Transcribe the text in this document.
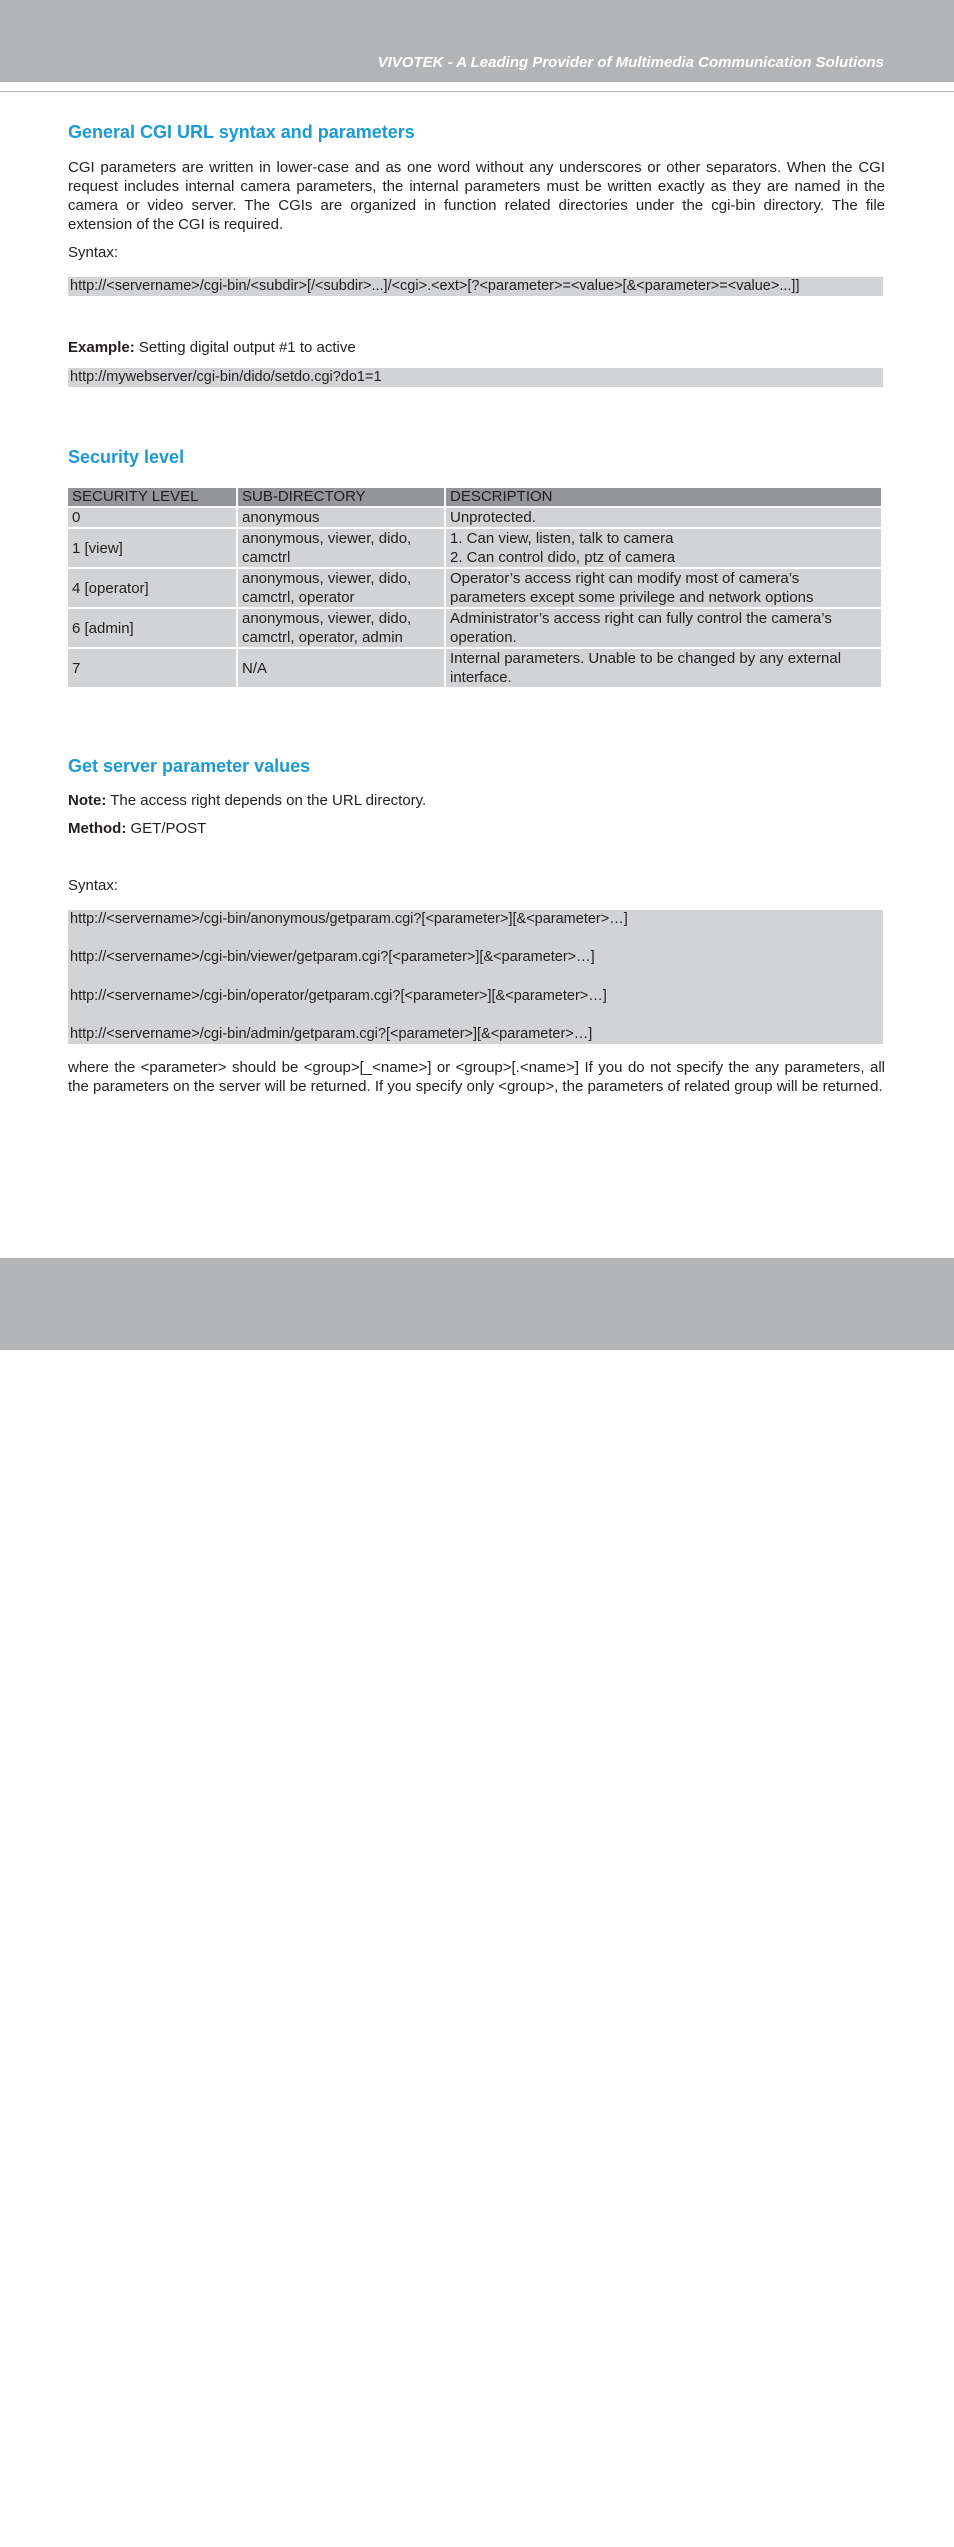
VIVOTEK - A Leading Provider of Multimedia Communication Solutions
General CGI URL syntax and parameters
CGI parameters are written in lower-case and as one word without any underscores or other separators. When the CGI request includes internal camera parameters, the internal parameters must be written exactly as they are named in the camera or video server. The CGIs are organized in function related directories under the cgi-bin directory. The file extension of the CGI is required.
Syntax:
http://<servername>/cgi-bin/<subdir>[/<subdir>...]/<cgi>.<ext>[?<parameter>=<value>[&<parameter>=<value>...]]
Example: Setting digital output #1 to active
http://mywebserver/cgi-bin/dido/setdo.cgi?do1=1
Security level
SECURITY LEVEL	SUB-DIRECTORY	DESCRIPTION
0	anonymous	Unprotected.
1 [view]	anonymous, viewer, dido, camctrl	1. Can view, listen, talk to camera
2. Can control dido, ptz of camera

4 [operator]	anonymous, viewer, dido, camctrl, operator	Operator’s access right can modify most of camera’s parameters except some privilege and network options
6 [admin]	anonymous, viewer, dido, camctrl, operator, admin	Administrator’s access right can fully control the camera’s operation.
7	N/A	Internal parameters. Unable to be changed by any external interface.
Get server parameter values
Note: The access right depends on the URL directory.
Method: GET/POST
Syntax:
http://<servername>/cgi-bin/anonymous/getparam.cgi?[<parameter>][&<parameter>…]
http://<servername>/cgi-bin/viewer/getparam.cgi?[<parameter>][&<parameter>…]
http://<servername>/cgi-bin/operator/getparam.cgi?[<parameter>][&<parameter>…]
http://<servername>/cgi-bin/admin/getparam.cgi?[<parameter>][&<parameter>…]
where the <parameter> should be <group>[_<name>] or <group>[.<name>] If you do not specify the any parameters, all the parameters on the server will be returned. If you specify only <group>, the parameters of related group will be returned.
User's Manual - 69
